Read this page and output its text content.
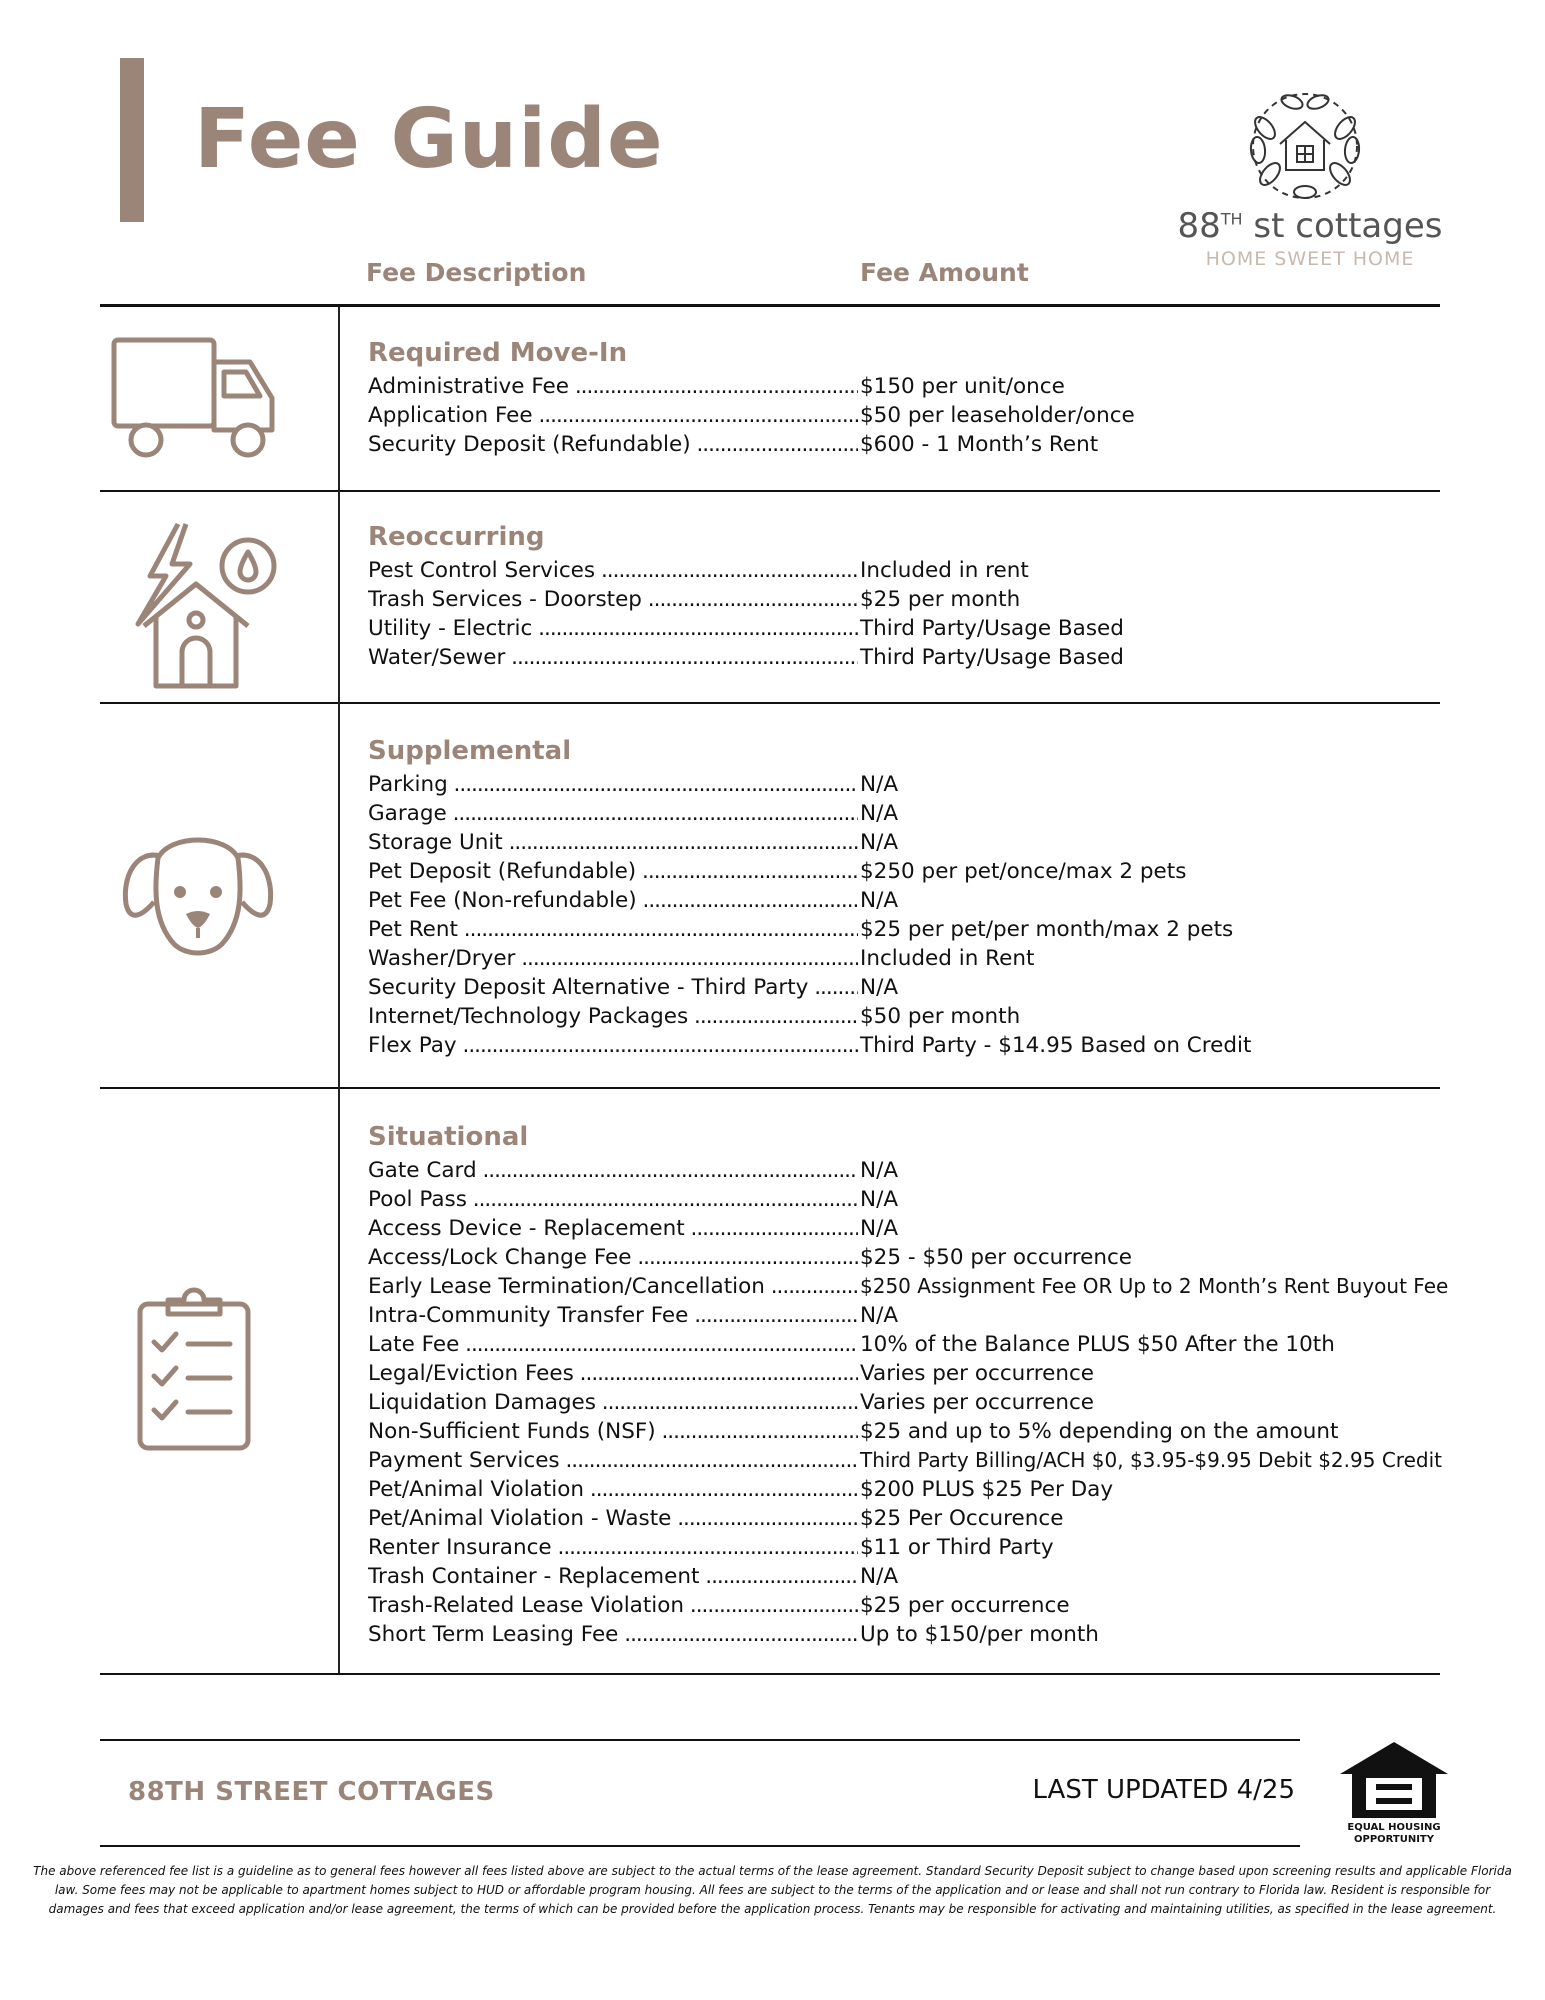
Fee Guide
88TH st cottages
HOME SWEET HOME
Fee Description	Fee Amount
Required Move-In
Administrative Fee .....	$150 per unit/once
Application Fee .....	$50 per leaseholder/once
Security Deposit (Refundable) .....	$600 - 1 Month’s Rent
Reoccurring
Pest Control Services .....	Included in rent
Trash Services - Doorstep .....	$25 per month
Utility - Electric .....	Third Party/Usage Based
Water/Sewer .....	Third Party/Usage Based
Supplemental
Parking .....	N/A
Garage .....	N/A
Storage Unit .....	N/A
Pet Deposit (Refundable) .....	$250 per pet/once/max 2 pets
Pet Fee (Non-refundable) .....	N/A
Pet Rent .....	$25 per pet/per month/max 2 pets
Washer/Dryer .....	Included in Rent
Security Deposit Alternative - Third Party .....	N/A
Internet/Technology Packages .....	$50 per month
Flex Pay .....	Third Party - $14.95 Based on Credit
Situational
Gate Card .....	N/A
Pool Pass .....	N/A
Access Device - Replacement .....	N/A
Access/Lock Change Fee .....	$25 - $50 per occurrence
Early Lease Termination/Cancellation .....	$250 Assignment Fee OR Up to 2 Month’s Rent Buyout Fee
Intra-Community Transfer Fee .....	N/A
Late Fee .....	10% of the Balance PLUS $50 After the 10th
Legal/Eviction Fees .....	Varies per occurrence
Liquidation Damages .....	Varies per occurrence
Non-Sufficient Funds (NSF) .....	$25 and up to 5% depending on the amount
Payment Services .....	Third Party Billing/ACH $0, $3.95-$9.95 Debit $2.95 Credit
Pet/Animal Violation .....	$200 PLUS $25 Per Day
Pet/Animal Violation - Waste .....	$25 Per Occurence
Renter Insurance .....	$11 or Third Party
Trash Container - Replacement .....	N/A
Trash-Related Lease Violation .....	$25 per occurrence
Short Term Leasing Fee .....	Up to $150/per month
88TH STREET COTTAGES	LAST UPDATED 4/25
EQUAL HOUSING
OPPORTUNITY
The above referenced fee list is a guideline as to general fees however all fees listed above are subject to the actual terms of the lease agreement. Standard Security Deposit subject to change based upon screening results and applicable Florida law. Some fees may not be applicable to apartment homes subject to HUD or affordable program housing. All fees are subject to the terms of the application and or lease and shall not run contrary to Florida law. Resident is responsible for damages and fees that exceed application and/or lease agreement, the terms of which can be provided before the application process. Tenants may be responsible for activating and maintaining utilities, as specified in the lease agreement.
